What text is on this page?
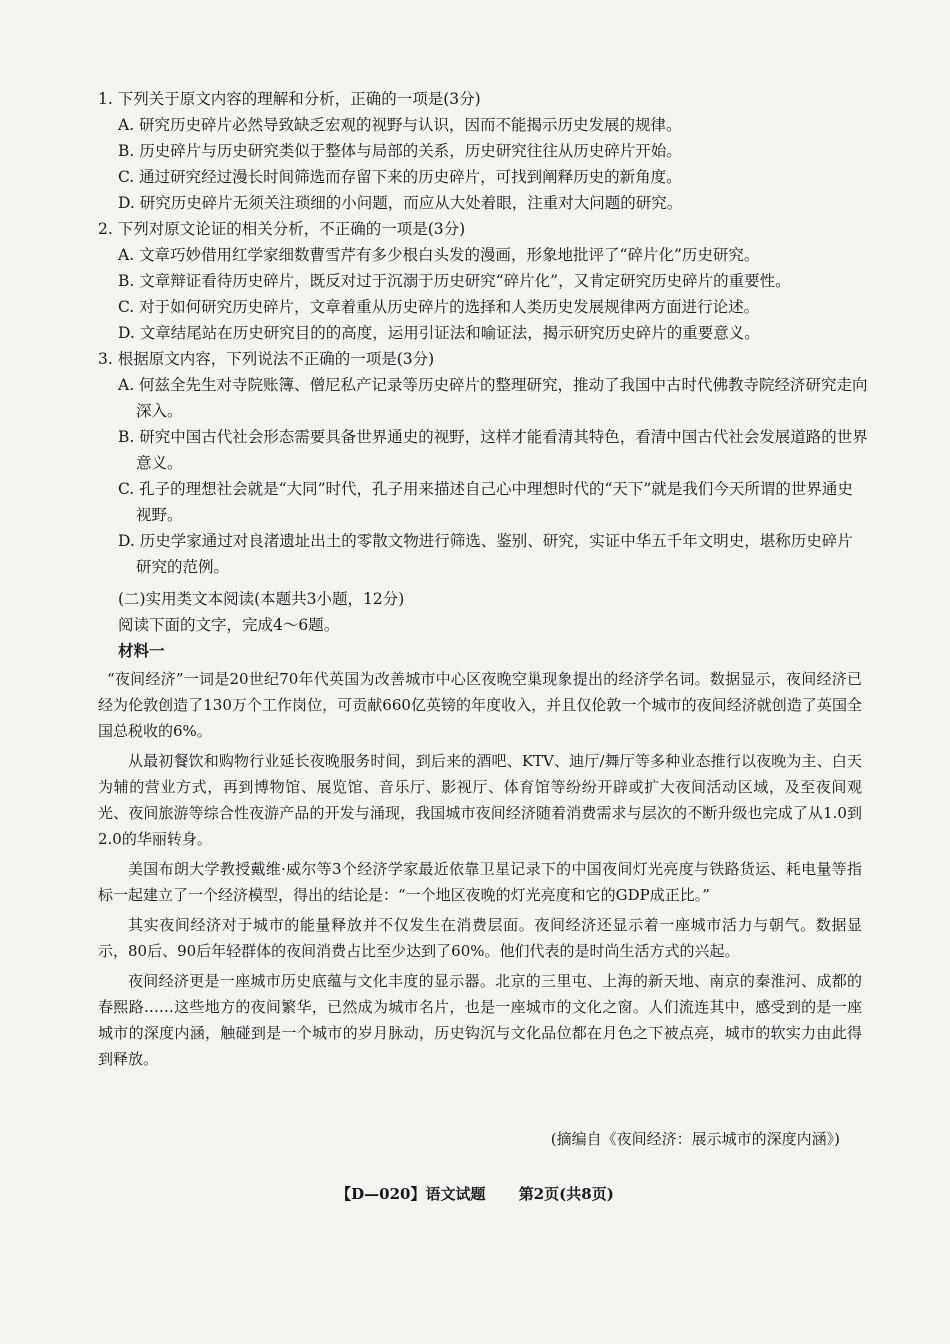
1. 下列关于原文内容的理解和分析，正确的一项是(3分)
A. 研究历史碎片必然导致缺乏宏观的视野与认识，因而不能揭示历史发展的规律。
B. 历史碎片与历史研究类似于整体与局部的关系，历史研究往往从历史碎片开始。
C. 通过研究经过漫长时间筛选而存留下来的历史碎片，可找到阐释历史的新角度。
D. 研究历史碎片无须关注琐细的小问题，而应从大处着眼，注重对大问题的研究。
2. 下列对原文论证的相关分析，不正确的一项是(3分)
A. 文章巧妙借用红学家细数曹雪芹有多少根白头发的漫画，形象地批评了“碎片化”历史研究。
B. 文章辩证看待历史碎片，既反对过于沉溺于历史研究“碎片化”，又肯定研究历史碎片的重要性。
C. 对于如何研究历史碎片，文章着重从历史碎片的选择和人类历史发展规律两方面进行论述。
D. 文章结尾站在历史研究目的的高度，运用引证法和喻证法，揭示研究历史碎片的重要意义。
3. 根据原文内容，下列说法不正确的一项是(3分)
A. 何兹全先生对寺院账簿、僧尼私产记录等历史碎片的整理研究，推动了我国中古时代佛教寺院经济研究走向深入。
B. 研究中国古代社会形态需要具备世界通史的视野，这样才能看清其特色，看清中国古代社会发展道路的世界意义。
C. 孔子的理想社会就是“大同”时代，孔子用来描述自己心中理想时代的“天下”就是我们今天所谓的世界通史视野。
D. 历史学家通过对良渚遗址出土的零散文物进行筛选、鉴别、研究，实证中华五千年文明史，堪称历史碎片研究的范例。
(二)实用类文本阅读(本题共3小题，12分)
阅读下面的文字，完成4～6题。
材料一

“夜间经济”一词是20世纪70年代英国为改善城市中心区夜晚空巢现象提出的经济学名词。数据显示，夜间经济已经为伦敦创造了130万个工作岗位，可贡献660亿英镑的年度收入，并且仅伦敦一个城市的夜间经济就创造了英国全国总税收的6%。

从最初餐饮和购物行业延长夜晚服务时间，到后来的酒吧、KTV、迪厅/舞厅等多种业态推行以夜晚为主、白天为辅的营业方式，再到博物馆、展览馆、音乐厅、影视厅、体育馆等纷纷开辟或扩大夜间活动区域，及至夜间观光、夜间旅游等综合性夜游产品的开发与涌现，我国城市夜间经济随着消费需求与层次的不断升级也完成了从1.0到2.0的华丽转身。

美国布朗大学教授戴维·威尔等3个经济学家最近依靠卫星记录下的中国夜间灯光亮度与铁路货运、耗电量等指标一起建立了一个经济模型，得出的结论是：“一个地区夜晚的灯光亮度和它的GDP成正比。”

其实夜间经济对于城市的能量释放并不仅发生在消费层面。夜间经济还显示着一座城市活力与朝气。数据显示，80后、90后年轻群体的夜间消费占比至少达到了60%。他们代表的是时尚生活方式的兴起。

夜间经济更是一座城市历史底蕴与文化丰度的显示器。北京的三里屯、上海的新天地、南京的秦淮河、成都的春熙路……这些地方的夜间繁华，已然成为城市名片，也是一座城市的文化之窗。人们流连其中，感受到的是一座城市的深度内涵，触碰到是一个城市的岁月脉动，历史钩沉与文化品位都在月色之下被点亮，城市的软实力由此得到释放。

(摘编自《夜间经济：展示城市的深度内涵》)
【D—020】语文试题 第2页(共8页)
